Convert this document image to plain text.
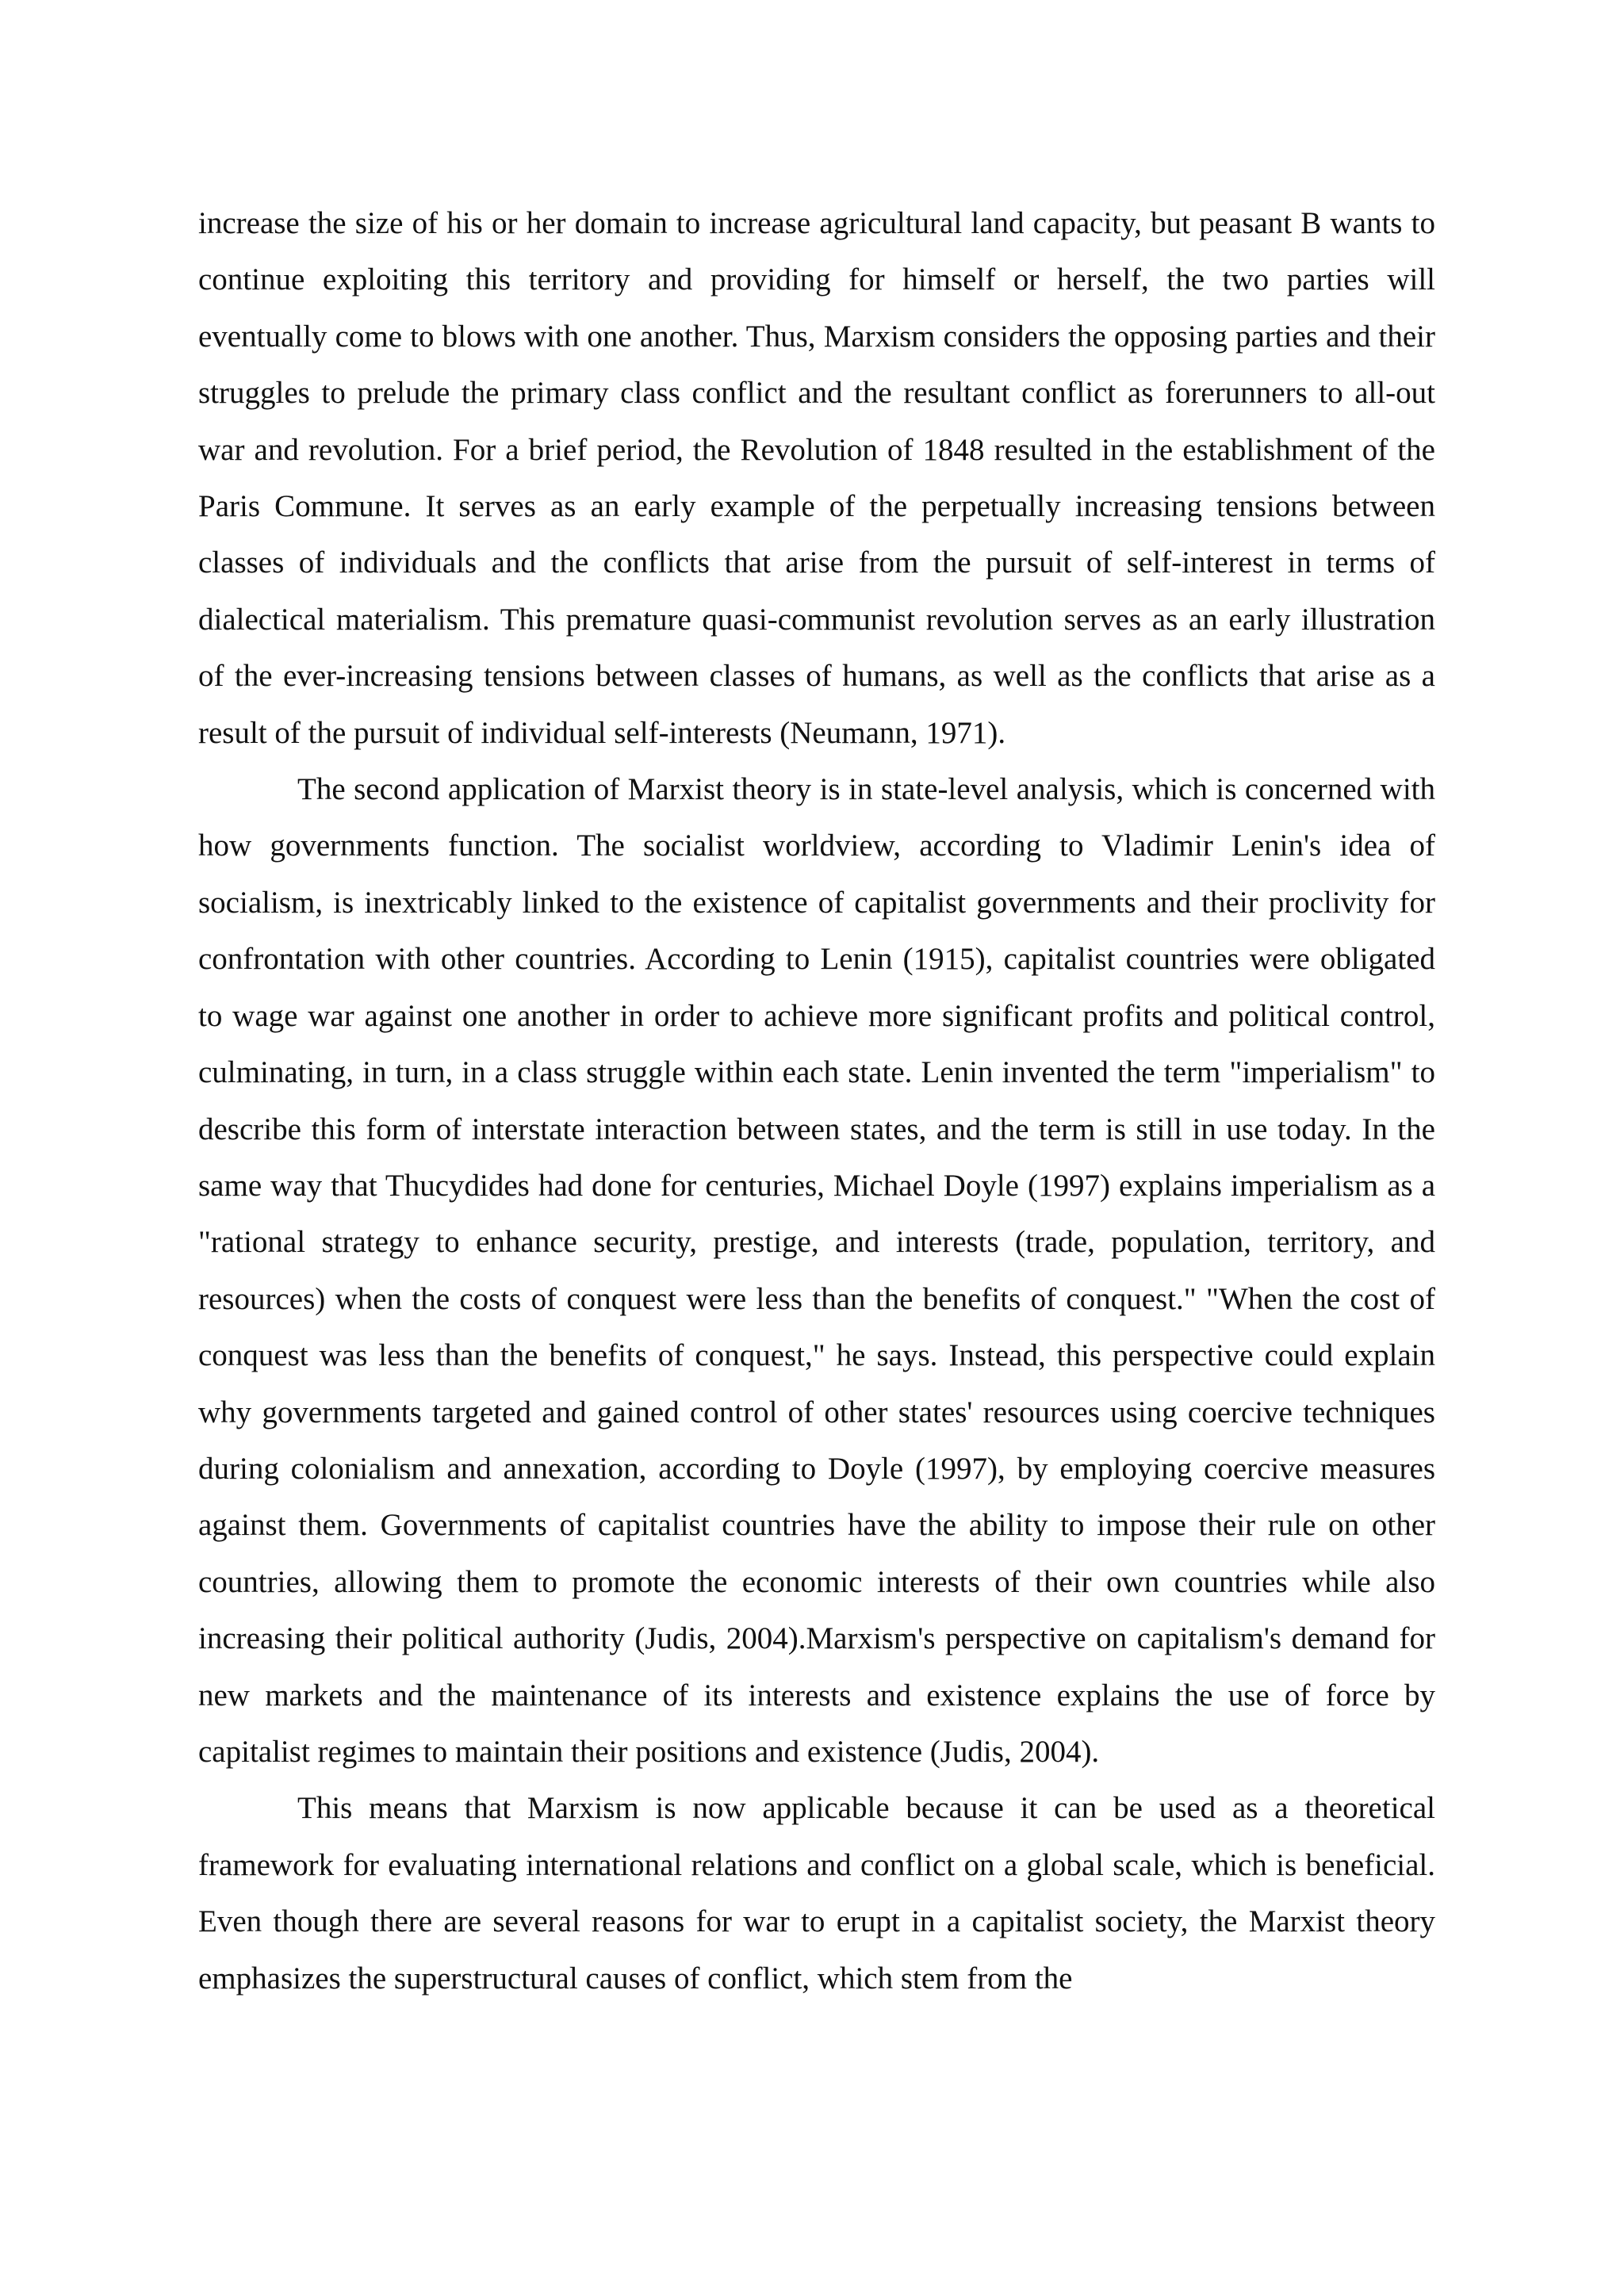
increase the size of his or her domain to increase agricultural land capacity, but peasant B wants to continue exploiting this territory and providing for himself or herself, the two parties will eventually come to blows with one another. Thus, Marxism considers the opposing parties and their struggles to prelude the primary class conflict and the resultant conflict as forerunners to all-out war and revolution. For a brief period, the Revolution of 1848 resulted in the establishment of the Paris Commune. It serves as an early example of the perpetually increasing tensions between classes of individuals and the conflicts that arise from the pursuit of self-interest in terms of dialectical materialism. This premature quasi-communist revolution serves as an early illustration of the ever-increasing tensions between classes of humans, as well as the conflicts that arise as a result of the pursuit of individual self-interests (Neumann, 1971).

The second application of Marxist theory is in state-level analysis, which is concerned with how governments function. The socialist worldview, according to Vladimir Lenin's idea of socialism, is inextricably linked to the existence of capitalist governments and their proclivity for confrontation with other countries. According to Lenin (1915), capitalist countries were obligated to wage war against one another in order to achieve more significant profits and political control, culminating, in turn, in a class struggle within each state. Lenin invented the term "imperialism" to describe this form of interstate interaction between states, and the term is still in use today. In the same way that Thucydides had done for centuries, Michael Doyle (1997) explains imperialism as a "rational strategy to enhance security, prestige, and interests (trade, population, territory, and resources) when the costs of conquest were less than the benefits of conquest." "When the cost of conquest was less than the benefits of conquest," he says. Instead, this perspective could explain why governments targeted and gained control of other states' resources using coercive techniques during colonialism and annexation, according to Doyle (1997), by employing coercive measures against them. Governments of capitalist countries have the ability to impose their rule on other countries, allowing them to promote the economic interests of their own countries while also increasing their political authority (Judis, 2004).Marxism's perspective on capitalism's demand for new markets and the maintenance of its interests and existence explains the use of force by capitalist regimes to maintain their positions and existence (Judis, 2004).

This means that Marxism is now applicable because it can be used as a theoretical framework for evaluating international relations and conflict on a global scale, which is beneficial. Even though there are several reasons for war to erupt in a capitalist society, the Marxist theory emphasizes the superstructural causes of conflict, which stem from the
